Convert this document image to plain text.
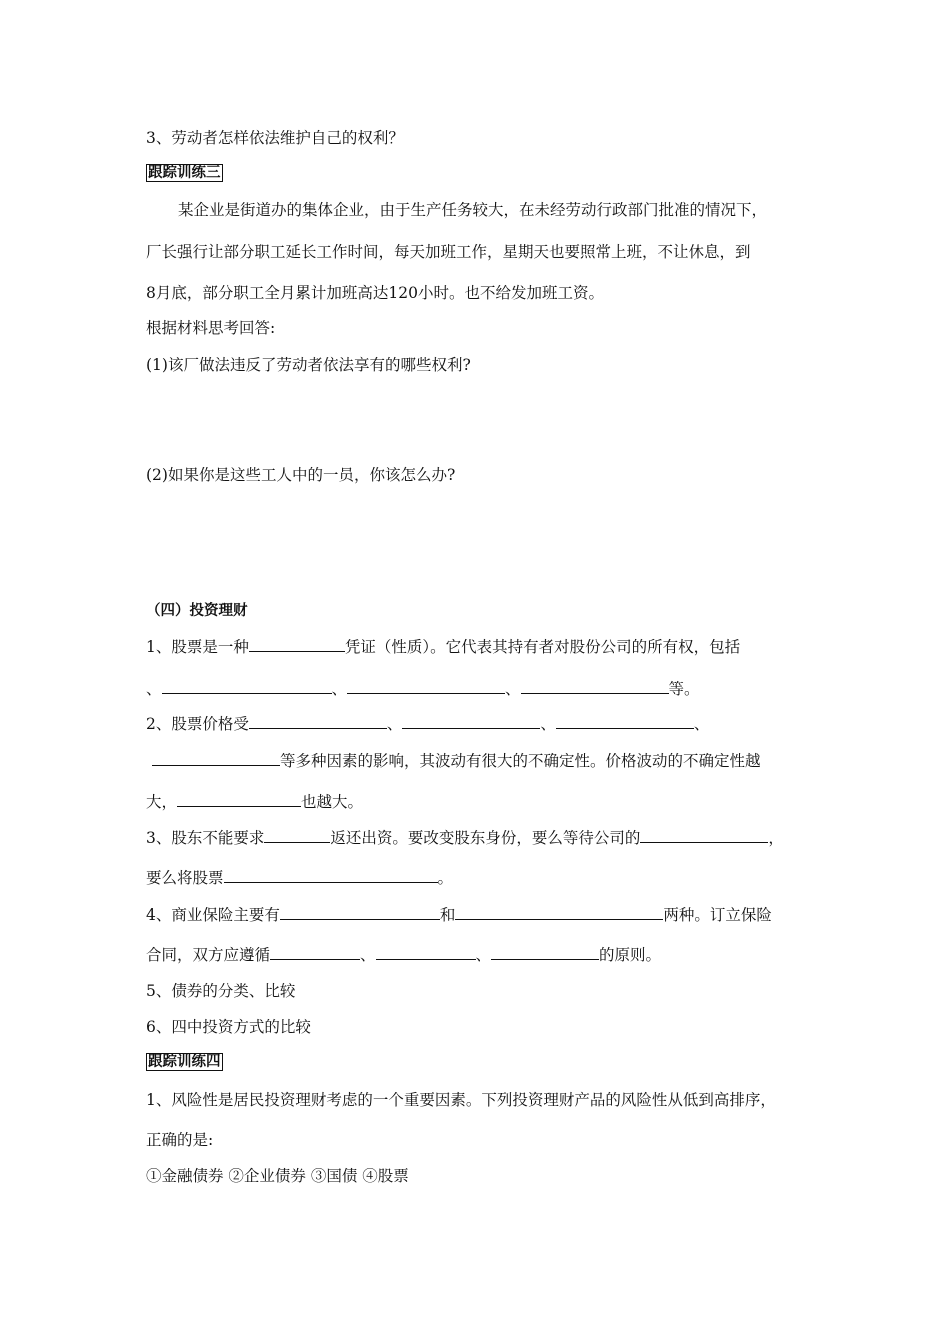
3、劳动者怎样依法维护自己的权利？
跟踪训练三
某企业是街道办的集体企业，由于生产任务较大，在未经劳动行政部门批准的情况下，
厂长强行让部分职工延长工作时间，每天加班工作，星期天也要照常上班，不让休息，到
8月底，部分职工全月累计加班高达120小时。也不给发加班工资。
根据材料思考回答:
(1)该厂做法违反了劳动者依法享有的哪些权利?
(2)如果你是这些工人中的一员，你该怎么办?
（四）投资理财
1、股票是一种	凭证（性质）。它代表其持有者对股份公司的所有权，包括
、	、	、	等。
2、股票价格受	、	、	、
等多种因素的影响，其波动有很大的不确定性。价格波动的不确定性越
大，	也越大。
3、股东不能要求	返还出资。要改变股东身份，要么等待公司的	，
要么将股票	。
4、商业保险主要有	和	两种。订立保险
合同，双方应遵循	、	、	的原则。
5、债券的分类、比较
6、四中投资方式的比较
跟踪训练四
1、风险性是居民投资理财考虑的一个重要因素。下列投资理财产品的风险性从低到高排序，
正确的是:
①金融债券 ②企业债券 ③国债 ④股票
